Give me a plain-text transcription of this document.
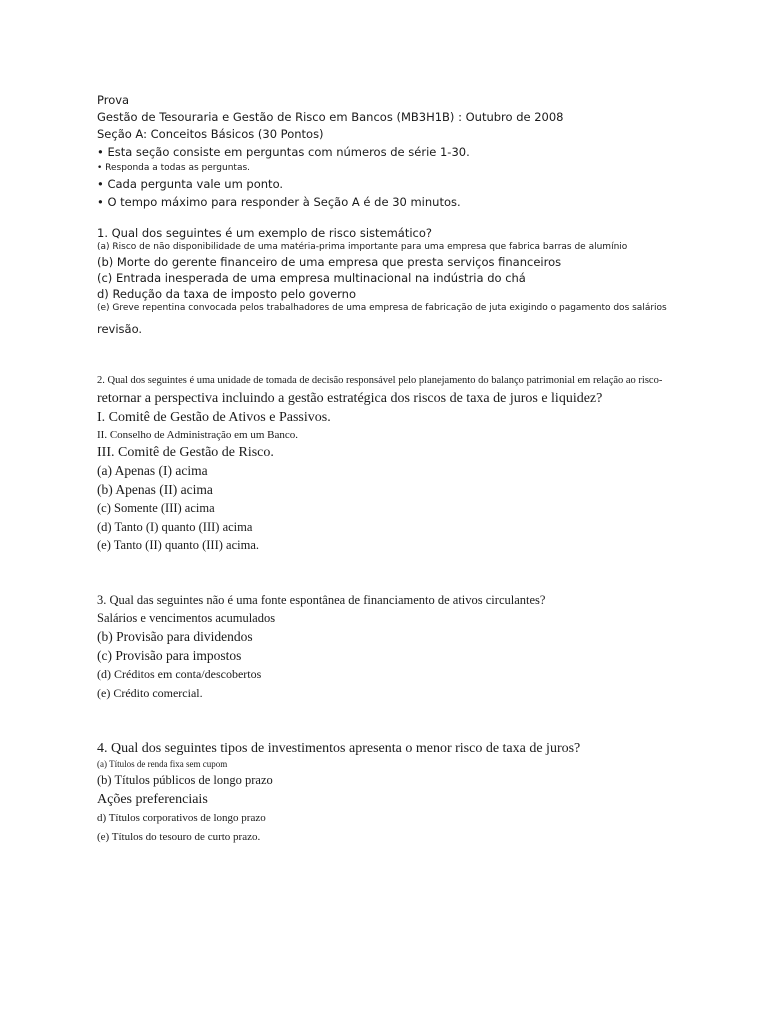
Prova
Gestão de Tesouraria e Gestão de Risco em Bancos (MB3H1B) : Outubro de 2008
Seção A: Conceitos Básicos (30 Pontos)
• Esta seção consiste em perguntas com números de série 1-30.
• Responda a todas as perguntas.
• Cada pergunta vale um ponto.
• O tempo máximo para responder à Seção A é de 30 minutos.
1. Qual dos seguintes é um exemplo de risco sistemático?
(a) Risco de não disponibilidade de uma matéria-prima importante para uma empresa que fabrica barras de alumínio
(b) Morte do gerente financeiro de uma empresa que presta serviços financeiros
(c) Entrada inesperada de uma empresa multinacional na indústria do chá
d) Redução da taxa de imposto pelo governo
(e) Greve repentina convocada pelos trabalhadores de uma empresa de fabricação de juta exigindo o pagamento dos salários
revisão.
2. Qual dos seguintes é uma unidade de tomada de decisão responsável pelo planejamento do balanço patrimonial em relação ao risco-
retornar a perspectiva incluindo a gestão estratégica dos riscos de taxa de juros e liquidez?
I. Comitê de Gestão de Ativos e Passivos.
II. Conselho de Administração em um Banco.
III. Comitê de Gestão de Risco.
(a) Apenas (I) acima
(b) Apenas (II) acima
(c) Somente (III) acima
(d) Tanto (I) quanto (III) acima
(e) Tanto (II) quanto (III) acima.
3. Qual das seguintes não é uma fonte espontânea de financiamento de ativos circulantes?
Salários e vencimentos acumulados
(b) Provisão para dividendos
(c) Provisão para impostos
(d) Créditos em conta/descobertos
(e) Crédito comercial.
4. Qual dos seguintes tipos de investimentos apresenta o menor risco de taxa de juros?
(a) Títulos de renda fixa sem cupom
(b) Títulos públicos de longo prazo
Ações preferenciais
d) Títulos corporativos de longo prazo
(e) Títulos do tesouro de curto prazo.
